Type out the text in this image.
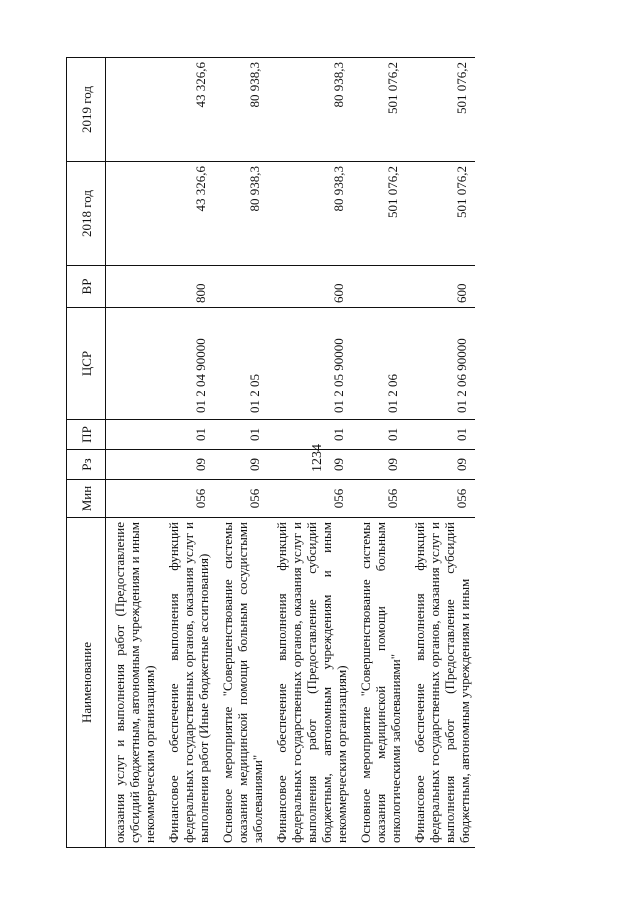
1234
Наименование	Мин	Рз	ПР	ЦСР	ВР	2018 год	2019 год
оказания услуг и выполнения работ (Предоставление субсидий бюджетным, автономным учреждениям и иным некоммерческим организациям)							
Финансовое обеспечение выполнения функций федеральных государственных органов, оказания услуг и выполнения работ (Иные бюджетные ассигнования)	056	09	01	01 2 04 90000	800	43 326,6	43 326,6
Основное мероприятие "Совершенствование системы оказания медицинской помощи больным сосудистыми заболеваниями"	056	09	01	01 2 05		80 938,3	80 938,3
Финансовое обеспечение выполнения функций федеральных государственных органов, оказания услуг и выполнения работ (Предоставление субсидий бюджетным, автономным учреждениям и иным некоммерческим организациям)	056	09	01	01 2 05 90000	600	80 938,3	80 938,3
Основное мероприятие "Совершенствование системы оказания медицинской помощи больным онкологическими заболеваниями"	056	09	01	01 2 06		501 076,2	501 076,2
Финансовое обеспечение выполнения функций федеральных государственных органов, оказания услуг и выполнения работ (Предоставление субсидий бюджетным, автономным учреждениям и иным	056	09	01	01 2 06 90000	600	501 076,2	501 076,2
